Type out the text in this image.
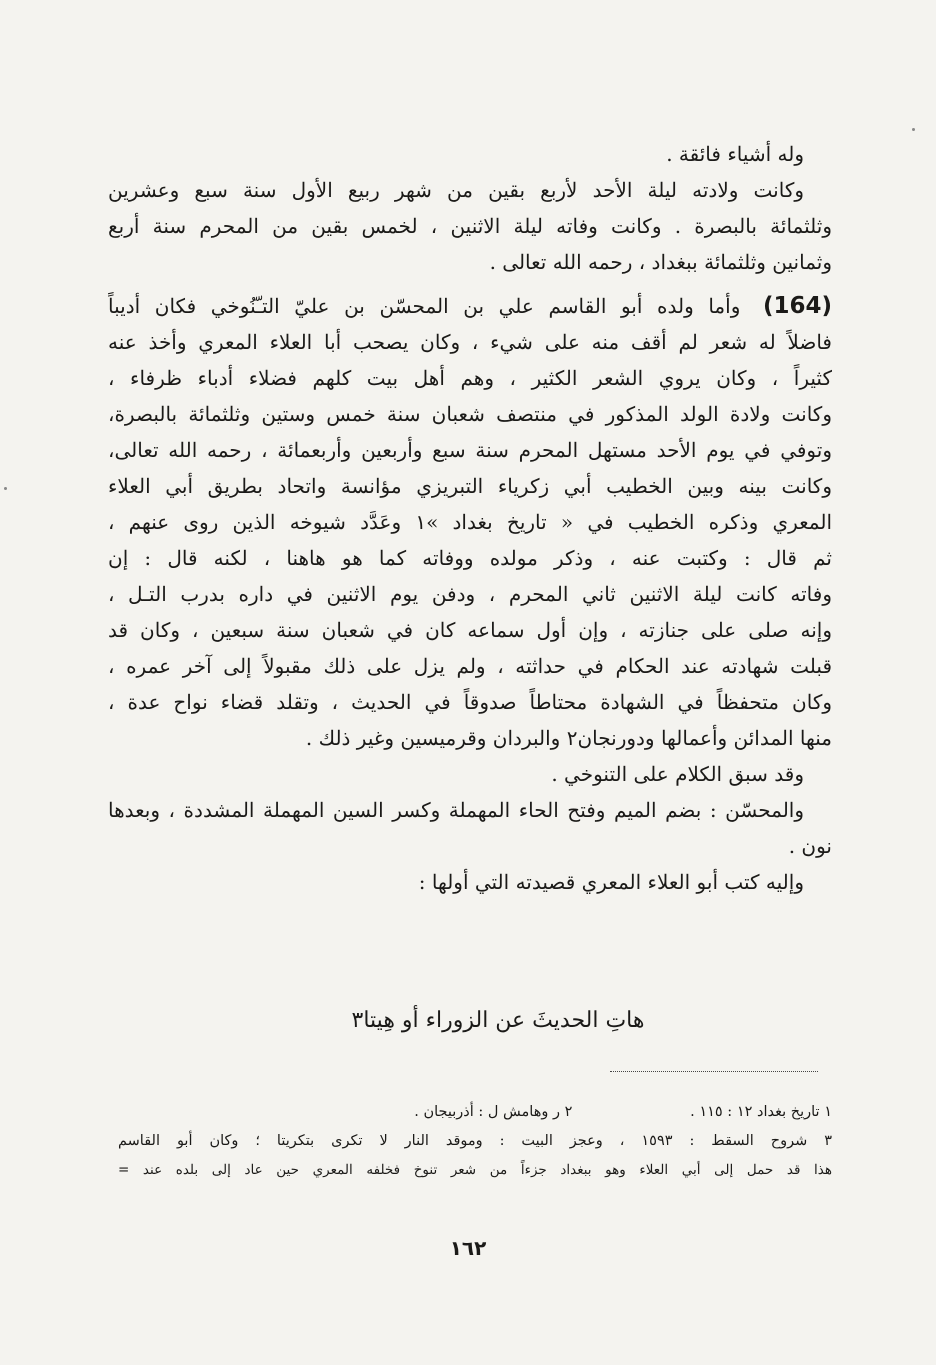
وله أشياء فائقة .
وكانت ولادته ليلة الأحد لأربع بقين من شهر ربيع الأول سنة سبع وعشرين
وثلثمائة بالبصرة . وكانت وفاته ليلة الاثنين ، لخمس بقين من المحرم سنة أربع
وثمانين وثلثمائة ببغداد ، رحمه الله تعالى .
(164) وأما ولده أبو القاسم علي بن المحسّن بن عليّ التـّنُوخي فكان أديباً
فاضلاً له شعر لم أقف منه على شيء ، وكان يصحب أبا العلاء المعري وأخذ عنه
كثيراً ، وكان يروي الشعر الكثير ، وهم أهل بيت كلهم فضلاء أدباء ظرفاء ،
وكانت ولادة الولد المذكور في منتصف شعبان سنة خمس وستين وثلثمائة بالبصرة،
وتوفي في يوم الأحد مستهل المحرم سنة سبع وأربعين وأربعمائة ، رحمه الله تعالى،
وكانت بينه وبين الخطيب أبي زكرياء التبريزي مؤانسة واتحاد بطريق أبي العلاء
المعري وذكره الخطيب في « تاريخ بغداد »١ وعَدَّد شيوخه الذين روى عنهم ،
ثم قال : وكتبت عنه ، وذكر مولده ووفاته كما هو هاهنا ، لكنه قال : إن
وفاته كانت ليلة الاثنين ثاني المحرم ، ودفن يوم الاثنين في داره بدرب التـل ،
وإنه صلى على جنازته ، وإن أول سماعه كان في شعبان سنة سبعين ، وكان قد
قبلت شهادته عند الحكام في حداثته ، ولم يزل على ذلك مقبولاً إلى آخر عمره ،
وكان متحفظاً في الشهادة محتاطاً صدوقاً في الحديث ، وتقلد قضاء نواح عدة ،
منها المدائن وأعمالها ودورنجان٢ والبردان وقرميسين وغير ذلك .
وقد سبق الكلام على التنوخي .
والمحسّن : بضم الميم وفتح الحاء المهملة وكسر السين المهملة المشددة ، وبعدها
نون .
وإليه كتب أبو العلاء المعري قصيدته التي أولها :
هاتِ الحديثَ عن الزوراء أو هِيتا٣
١ تاريخ بغداد ١٢ : ١١٥ . ٢ ر وهامش ل : أذربيجان .
٣ شروح السقط : ١٥٩٣ ، وعجز البيت : وموقد النار لا تكرى بتكريتا ؛ وكان أبو القاسم
هذا قد حمل إلى أبي العلاء وهو ببغداد جزءاً من شعر تنوخ فخلفه المعري حين عاد إلى بلده عند =
١٦٢
